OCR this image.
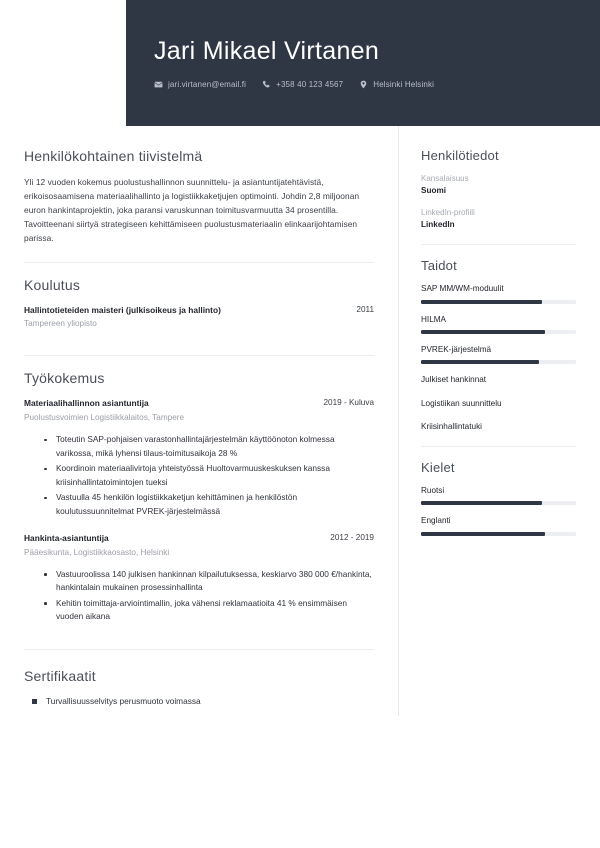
Jari Mikael Virtanen
jari.virtanen@email.fi	+358 40 123 4567	Helsinki Helsinki
Henkilökohtainen tiivistelmä
Yli 12 vuoden kokemus puolustushallinnon suunnittelu- ja asiantuntijatehtävistä, erikoisosaamisena materiaalihallinto ja logistiikkaketjujen optimointi. Johdin 2,8 miljoonan euron hankintaprojektin, joka paransi varuskunnan toimitusvarmuutta 34 prosentilla. Tavoitteenani siirtyä strategiseen kehittämiseen puolustusmateriaalin elinkaarijohtamisen parissa.
Koulutus
Hallintotieteiden maisteri (julkisoikeus ja hallinto)	2011
Tampereen yliopisto
Työkokemus
Materiaalihallinnon asiantuntija	2019 - Kuluva
Puolustusvoimien Logistiikkalaitos, Tampere
Toteutin SAP-pohjaisen varastonhallintajärjestelmän käyttöönoton kolmessa varikossa, mikä lyhensi tilaus-toimitusaikoja 28 %
Koordinoin materiaalivirtoja yhteistyössä Huoltovarmuuskeskuksen kanssa kriisinhallintatoimintojen tueksi
Vastuulla 45 henkilön logistiikkaketjun kehittäminen ja henkilöstön koulutussuunnitelmat PVREK-järjestelmässä
Hankinta-asiantuntija	2012 - 2019
Pääesikunta, Logistiikkaosasto, Helsinki
Vastuuroolissa 140 julkisen hankinnan kilpailutuksessa, keskiarvo 380 000 €/hankinta, hankintalain mukainen prosessinhallinta
Kehitin toimittaja-arviointimallin, joka vähensi reklamaatioita 41 % ensimmäisen vuoden aikana
Sertifikaatit
Turvallisuusselvitys perusmuoto voimassa
Henkilötiedot
Kansalaisuus
Suomi
LinkedIn-profiili
LinkedIn
Taidot
SAP MM/WM-moduulit
HILMA
PVREK-järjestelmä
Julkiset hankinnat
Logistiikan suunnittelu
Kriisinhallintatuki
Kielet
Ruotsi
Englanti
